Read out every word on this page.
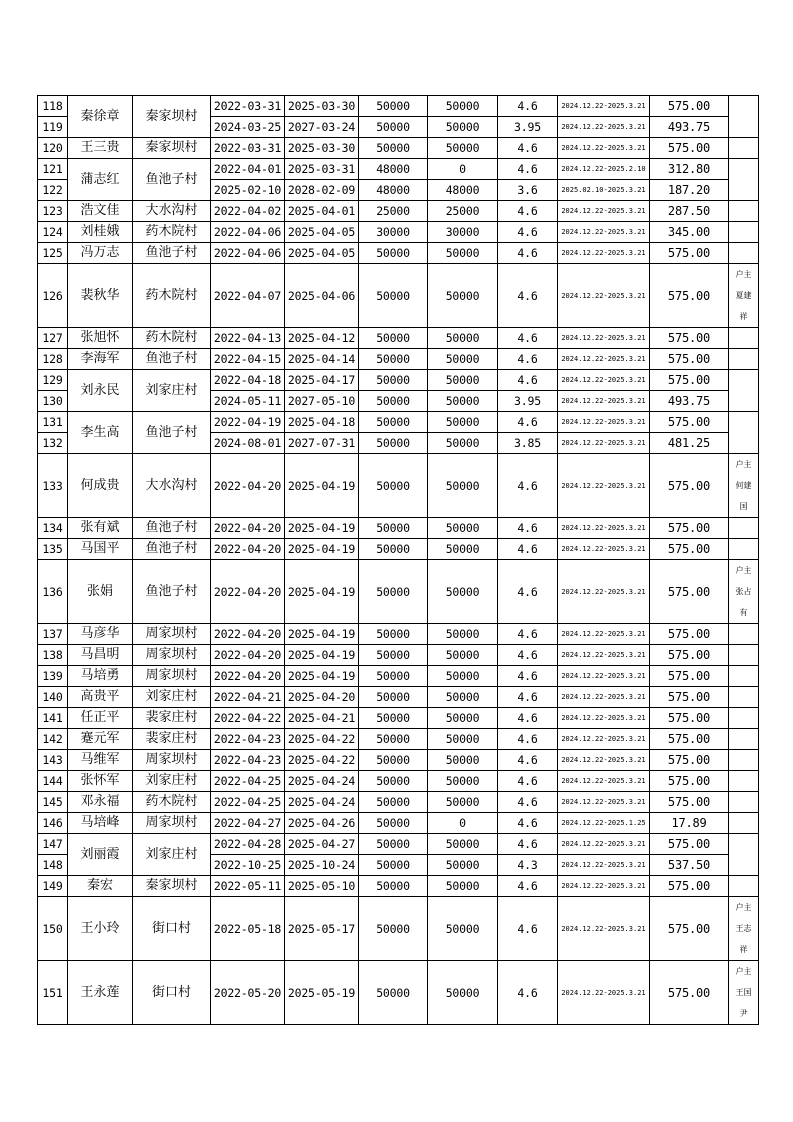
118	秦徐章	秦家坝村	2022-03-31	2025-03-30	50000	50000	4.6	2024.12.22-2025.3.21	575.00	
119			2024-03-25	2027-03-24	50000	50000	3.95	2024.12.22-2025.3.21	493.75	
120	王三贵	秦家坝村	2022-03-31	2025-03-30	50000	50000	4.6	2024.12.22-2025.3.21	575.00	
121	蒲志红	鱼池子村	2022-04-01	2025-03-31	48000	0	4.6	2024.12.22-2025.2.10	312.80	
122			2025-02-10	2028-02-09	48000	48000	3.6	2025.02.10-2025.3.21	187.20	
123	浩文佳	大水沟村	2022-04-02	2025-04-01	25000	25000	4.6	2024.12.22-2025.3.21	287.50	
124	刘桂娥	药木院村	2022-04-06	2025-04-05	30000	30000	4.6	2024.12.22-2025.3.21	345.00	
125	冯万志	鱼池子村	2022-04-06	2025-04-05	50000	50000	4.6	2024.12.22-2025.3.21	575.00	
126	裴秋华	药木院村	2022-04-07	2025-04-06	50000	50000	4.6	2024.12.22-2025.3.21	575.00	户主
夏建
祥

127	张旭怀	药木院村	2022-04-13	2025-04-12	50000	50000	4.6	2024.12.22-2025.3.21	575.00	
128	李海军	鱼池子村	2022-04-15	2025-04-14	50000	50000	4.6	2024.12.22-2025.3.21	575.00	
129	刘永民	刘家庄村	2022-04-18	2025-04-17	50000	50000	4.6	2024.12.22-2025.3.21	575.00	
130			2024-05-11	2027-05-10	50000	50000	3.95	2024.12.22-2025.3.21	493.75	
131	李生高	鱼池子村	2022-04-19	2025-04-18	50000	50000	4.6	2024.12.22-2025.3.21	575.00	
132			2024-08-01	2027-07-31	50000	50000	3.85	2024.12.22-2025.3.21	481.25	
133	何成贵	大水沟村	2022-04-20	2025-04-19	50000	50000	4.6	2024.12.22-2025.3.21	575.00	户主
何建
国

134	张有斌	鱼池子村	2022-04-20	2025-04-19	50000	50000	4.6	2024.12.22-2025.3.21	575.00	
135	马国平	鱼池子村	2022-04-20	2025-04-19	50000	50000	4.6	2024.12.22-2025.3.21	575.00	
136	张娟	鱼池子村	2022-04-20	2025-04-19	50000	50000	4.6	2024.12.22-2025.3.21	575.00	户主
张占
有

137	马彦华	周家坝村	2022-04-20	2025-04-19	50000	50000	4.6	2024.12.22-2025.3.21	575.00	
138	马昌明	周家坝村	2022-04-20	2025-04-19	50000	50000	4.6	2024.12.22-2025.3.21	575.00	
139	马培勇	周家坝村	2022-04-20	2025-04-19	50000	50000	4.6	2024.12.22-2025.3.21	575.00	
140	高贵平	刘家庄村	2022-04-21	2025-04-20	50000	50000	4.6	2024.12.22-2025.3.21	575.00	
141	任正平	裴家庄村	2022-04-22	2025-04-21	50000	50000	4.6	2024.12.22-2025.3.21	575.00	
142	蹇元军	裴家庄村	2022-04-23	2025-04-22	50000	50000	4.6	2024.12.22-2025.3.21	575.00	
143	马维军	周家坝村	2022-04-23	2025-04-22	50000	50000	4.6	2024.12.22-2025.3.21	575.00	
144	张怀军	刘家庄村	2022-04-25	2025-04-24	50000	50000	4.6	2024.12.22-2025.3.21	575.00	
145	邓永福	药木院村	2022-04-25	2025-04-24	50000	50000	4.6	2024.12.22-2025.3.21	575.00	
146	马培峰	周家坝村	2022-04-27	2025-04-26	50000	0	4.6	2024.12.22-2025.1.25	17.89	
147	刘丽霞	刘家庄村	2022-04-28	2025-04-27	50000	50000	4.6	2024.12.22-2025.3.21	575.00	
148			2022-10-25	2025-10-24	50000	50000	4.3	2024.12.22-2025.3.21	537.50	
149	秦宏	秦家坝村	2022-05-11	2025-05-10	50000	50000	4.6	2024.12.22-2025.3.21	575.00	
150	王小玲	街口村	2022-05-18	2025-05-17	50000	50000	4.6	2024.12.22-2025.3.21	575.00	户主
王志
祥

151	王永莲	街口村	2022-05-20	2025-05-19	50000	50000	4.6	2024.12.22-2025.3.21	575.00	户主
王国
尹
